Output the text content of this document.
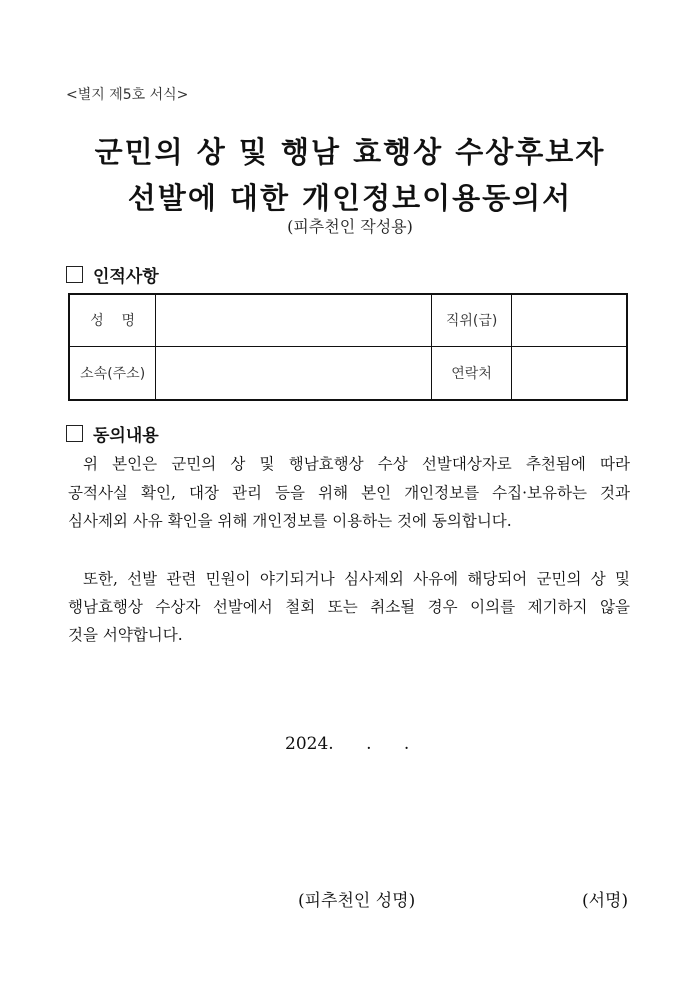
<별지 제5호 서식>
군민의 상 및 행남 효행상 수상후보자
선발에 대한 개인정보이용동의서
(피추천인 작성용)
인적사항
성    명		직위(급)	
소속(주소)		연락처	
동의내용
위 본인은 군민의 상 및 행남효행상 수상 선발대상자로 추천됨에 따라
공적사실 확인, 대장 관리 등을 위해 본인 개인정보를 수집·보유하는 것과
심사제외 사유 확인을 위해 개인정보를 이용하는 것에 동의합니다.
또한, 선발 관련 민원이 야기되거나 심사제외 사유에 해당되어 군민의 상 및
행남효행상 수상자 선발에서 철회 또는 취소될 경우 이의를 제기하지 않을
것을 서약합니다.
2024.      .      .
(피추천인 성명)	(서명)
